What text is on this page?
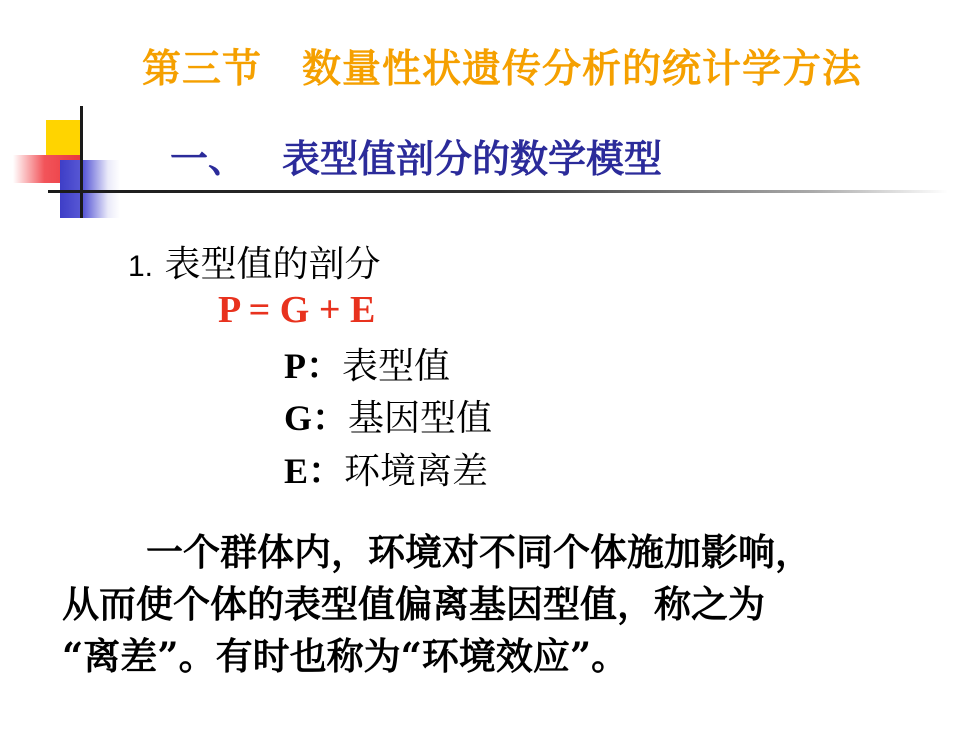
第三节　数量性状遗传分析的统计学方法
一、 表型值剖分的数学模型
1. 表型值的剖分
P = G + E
P：表型值
G：基因型值
E：环境离差
一个群体内，环境对不同个体施加影响，
从而使个体的表型值偏离基因型值，称之为
“离差”。有时也称为“环境效应”。
